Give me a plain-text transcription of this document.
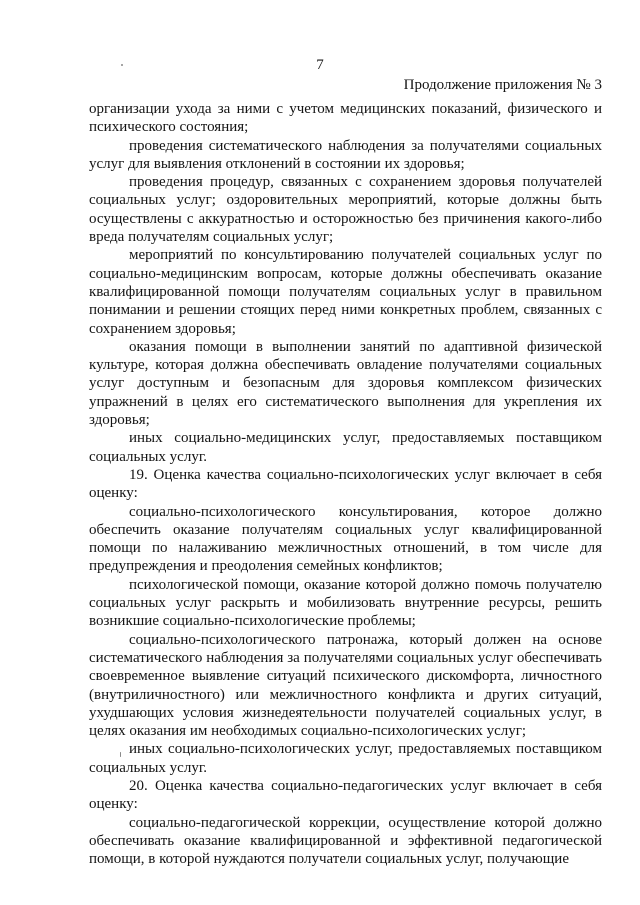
7
Продолжение приложения № 3

организации ухода за ними с учетом медицинских показаний, физического и психического состояния;

проведения систематического наблюдения за получателями социальных услуг для выявления отклонений в состоянии их здоровья;

проведения процедур, связанных с сохранением здоровья получателей социальных услуг; оздоровительных мероприятий, которые должны быть осуществлены с аккуратностью и осторожностью без причинения какого-либо вреда получателям социальных услуг;

мероприятий по консультированию получателей социальных услуг по социально-медицинским вопросам, которые должны обеспечивать оказание квалифицированной помощи получателям социальных услуг в правильном понимании и решении стоящих перед ними конкретных проблем, связанных с сохранением здоровья;

оказания помощи в выполнении занятий по адаптивной физической культуре, которая должна обеспечивать овладение получателями социальных услуг доступным и безопасным для здоровья комплексом физических упражнений в целях его систематического выполнения для укрепления их здоровья;

иных социально-медицинских услуг, предоставляемых поставщиком социальных услуг.

19. Оценка качества социально-психологических услуг включает в себя оценку:

социально-психологического консультирования, которое должно обеспечить оказание получателям социальных услуг квалифицированной помощи по налаживанию межличностных отношений, в том числе для предупреждения и преодоления семейных конфликтов;

психологической помощи, оказание которой должно помочь получателю социальных услуг раскрыть и мобилизовать внутренние ресурсы, решить возникшие социально-психологические проблемы;

социально-психологического патронажа, который должен на основе систематического наблюдения за получателями социальных услуг обеспечивать своевременное выявление ситуаций психического дискомфорта, личностного (внутриличностного) или межличностного конфликта и других ситуаций, ухудшающих условия жизнедеятельности получателей социальных услуг, в целях оказания им необходимых социально-психологических услуг;

иных социально-психологических услуг, предоставляемых поставщиком социальных услуг.

20. Оценка качества социально-педагогических услуг включает в себя оценку:

социально-педагогической коррекции, осуществление которой должно обеспечивать оказание квалифицированной и эффективной педагогической помощи, в которой нуждаются получатели социальных услуг, получающие
